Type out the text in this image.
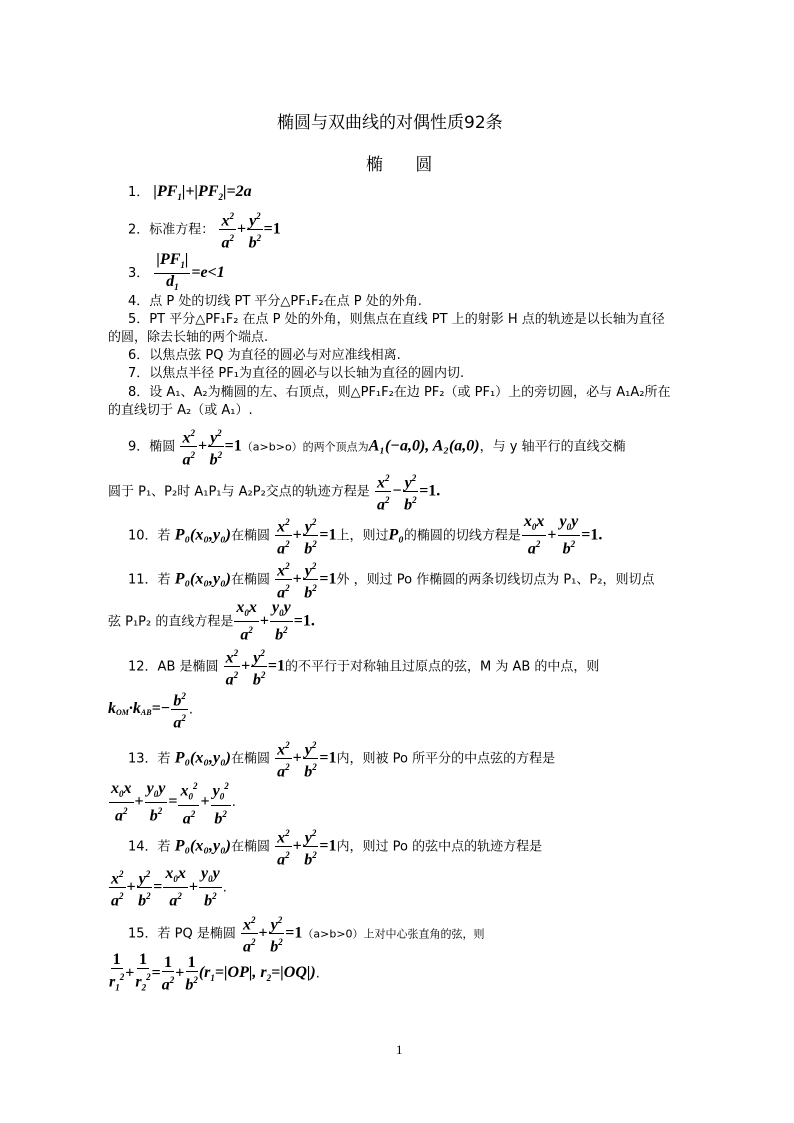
椭圆与双曲线的对偶性质92条
椭      圆
1． $|PF_1|+|PF_2|=2a$
2．标准方程： $\frac{x^2}{a^2} + \frac{y^2}{b^2} =1$
3． $\frac{|PF_1|}{d_1} =e<1$
4．点 P 处的切线 PT 平分△PF₁F₂在点 P 处的外角.
5．PT 平分△PF₁F₂ 在点 P 处的外角，则焦点在直线 PT 上的射影 H 点的轨迹是以长轴为直径
的圆，除去长轴的两个端点.
6．以焦点弦 PQ 为直径的圆必与对应准线相离.
7．以焦点半径 PF₁为直径的圆必与以长轴为直径的圆内切.
8．设 A₁、A₂为椭圆的左、右顶点，则△PF₁F₂在边 PF₂（或 PF₁）上的旁切圆，必与 A₁A₂所在
的直线切于 A₂（或 A₁）.
9．椭圆 $\frac{x^2}{a^2} + \frac{y^2}{b^2} =1(a>b>o)$的两个顶点为A₁(−a,0), A₂(a,0)，与 y 轴平行的直线交椭
圆于 P₁、P₂时 A₁P₁与 A₂P₂交点的轨迹方程是 $\frac{x^2}{a^2} - \frac{y^2}{b^2} =1$.
10．若 P₀(x₀,y₀)在椭圆 $\frac{x^2}{a^2} + \frac{y^2}{b^2} =1$上，则过P₀的椭圆的切线方程是 $\frac{x_0x}{a^2} + \frac{y_0y}{b^2} =1$.
11．若 P₀(x₀,y₀)在椭圆 $\frac{x^2}{a^2} + \frac{y^2}{b^2} =1$外 ，则过 Po 作椭圆的两条切线切点为 P₁、P₂，则切点
弦 P₁P₂ 的直线方程是 $\frac{x_0x}{a^2} + \frac{y_0y}{b^2} =1$.
12．AB 是椭圆 $\frac{x^2}{a^2} + \frac{y^2}{b^2} =1$的不平行于对称轴且过原点的弦，M 为 AB 的中点，则
$kOM\cdot kAB=- \frac{b^2}{a^2}$ .
13．若 P₀(x₀,y₀)在椭圆 $\frac{x^2}{a^2} + \frac{y^2}{b^2} =1$内，则被 Po 所平分的中点弦的方程是
$\frac{x_0x}{a^2} + \frac{y_0y}{b^2} = \frac{x_0^2}{a^2} + \frac{y_0^2}{b^2}$ .
14．若 P₀(x₀,y₀)在椭圆 $\frac{x^2}{a^2} + \frac{y^2}{b^2} =1$内，则过 Po 的弦中点的轨迹方程是
$\frac{x^2}{a^2} + \frac{y^2}{b^2} = \frac{x_0x}{a^2} + \frac{y_0y}{b^2}$ .
15．若 PQ 是椭圆 $\frac{x^2}{a^2} + \frac{y^2}{b^2} =1(a>b>0)$上对中心张直角的弦，则
$\frac{1}{r_1^2} + \frac{1}{r_2^2} = \frac{1}{a^2} + \frac{1}{b^2} (r_1=|OP|$, $r_2=|OQ|$).
1
